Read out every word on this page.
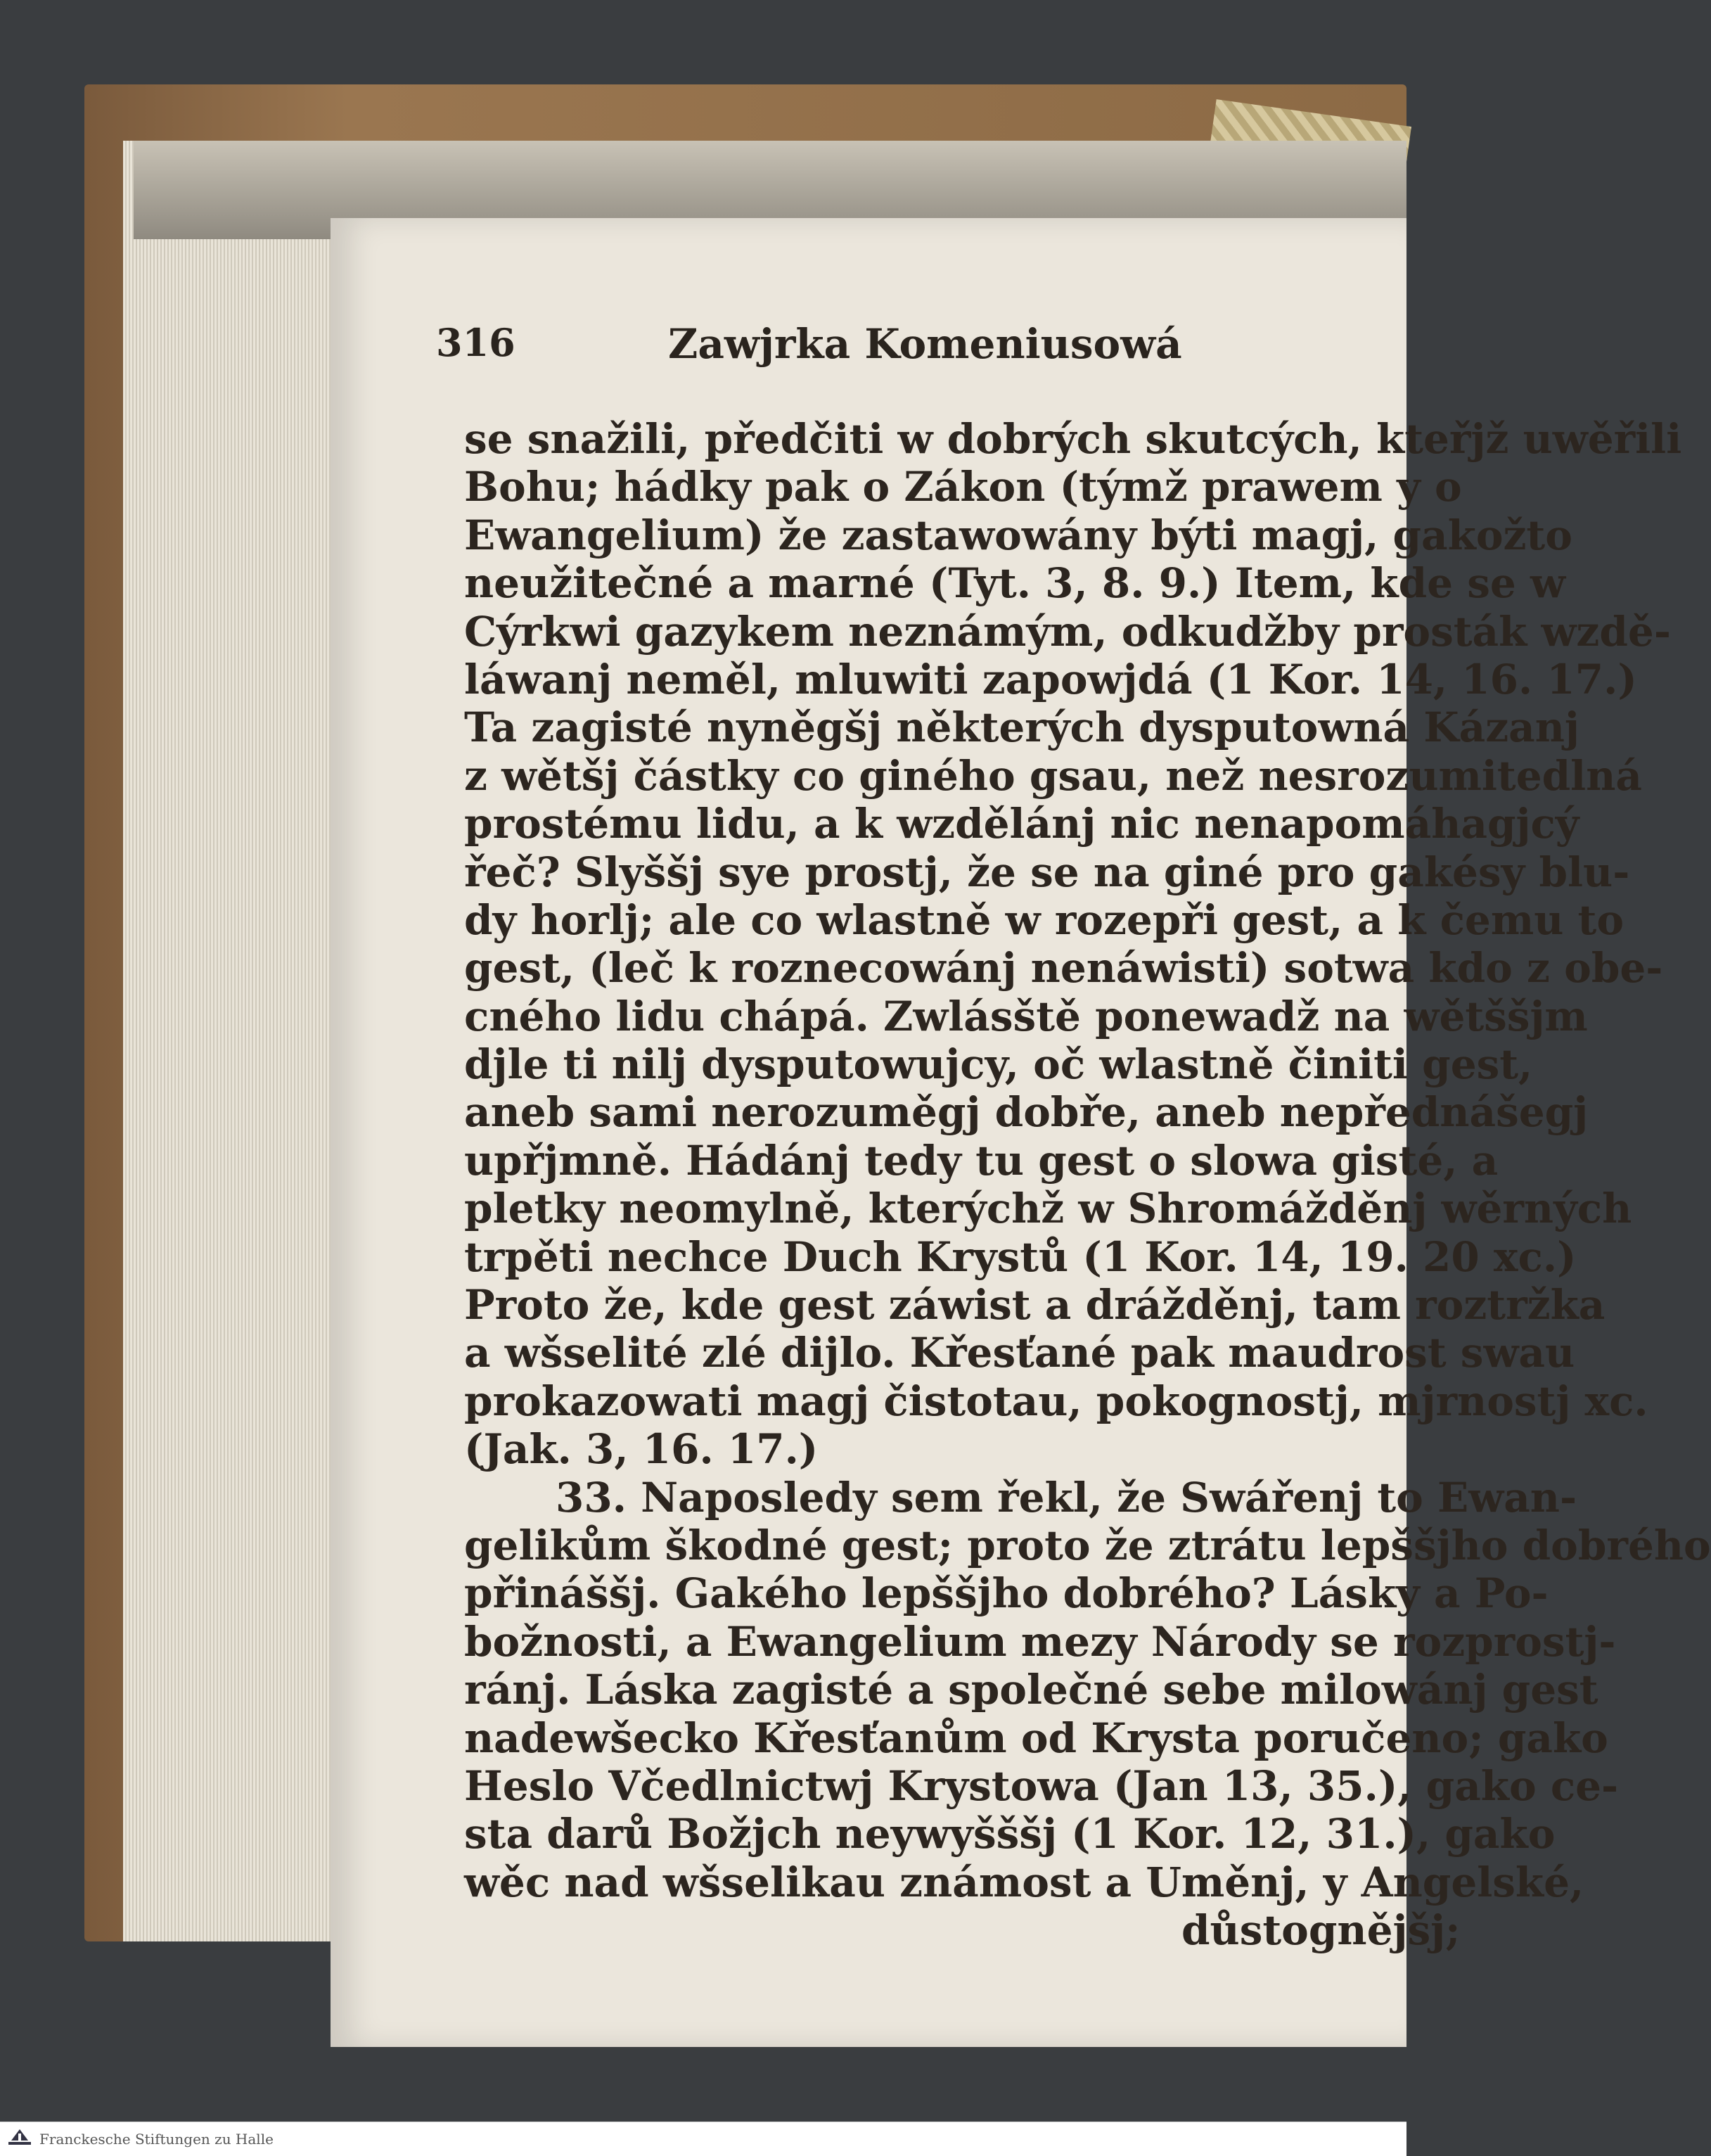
316	Zawjrka Komeniusowá
se snažili, předčiti w dobrých skutcých, kteřjž uwěřili
Bohu; hádky pak o Zákon (týmž prawem y o
Ewangelium) že zastawowány býti magj, gakožto
neužitečné a marné (Tyt. 3, 8. 9.) Item, kde se w
Cýrkwi gazykem neznámým, odkudžby prosták wzdě-
láwanj neměl, mluwiti zapowjdá (1 Kor. 14, 16. 17.)
Ta zagisté nyněgšj některých dysputowná Kázanj
z wětšj částky co giného gsau, než nesrozumitedlná
prostému lidu, a k wzdělánj nic nenapomáhagjcý
řeč? Slyššj sye prostj, že se na giné pro gakésy blu-
dy horlj; ale co wlastně w rozepři gest, a k čemu to
gest, (leč k roznecowánj nenáwisti) sotwa kdo z obe-
cného lidu chápá. Zwlásště ponewadž na wětššjm
djle ti nilj dysputowujcy, oč wlastně činiti gest,
aneb sami nerozuměgj dobře, aneb nepřednášegj
upřjmně. Hádánj tedy tu gest o slowa gisté, a
pletky neomylně, kterýchž w Shromážděnj wěrných
trpěti nechce Duch Krystů (1 Kor. 14, 19. 20 xc.)
Proto že, kde gest záwist a drážděnj, tam roztržka
a wšselité zlé dijlo. Křesťané pak maudrost swau
prokazowati magj čistotau, pokognostj, mjrnostj xc.
(Jak. 3, 16. 17.)
33. Naposledy sem řekl, že Swářenj to Ewan-
gelikům škodné gest; proto že ztrátu lepššjho dobrého
přináššj. Gakého lepššjho dobrého? Lásky a Po-
božnosti, a Ewangelium mezy Národy se rozprostj-
ránj. Láska zagisté a společné sebe milowánj gest
nadewšecko Křesťanům od Krysta poručeno; gako
Heslo Včedlnictwj Krystowa (Jan 13, 35.), gako ce-
sta darů Božjch neywyšššj (1 Kor. 12, 31.), gako
wěc nad wšselikau známost a Uměnj, y Angelské,
důstognějšj;
Franckesche Stiftungen zu Halle
